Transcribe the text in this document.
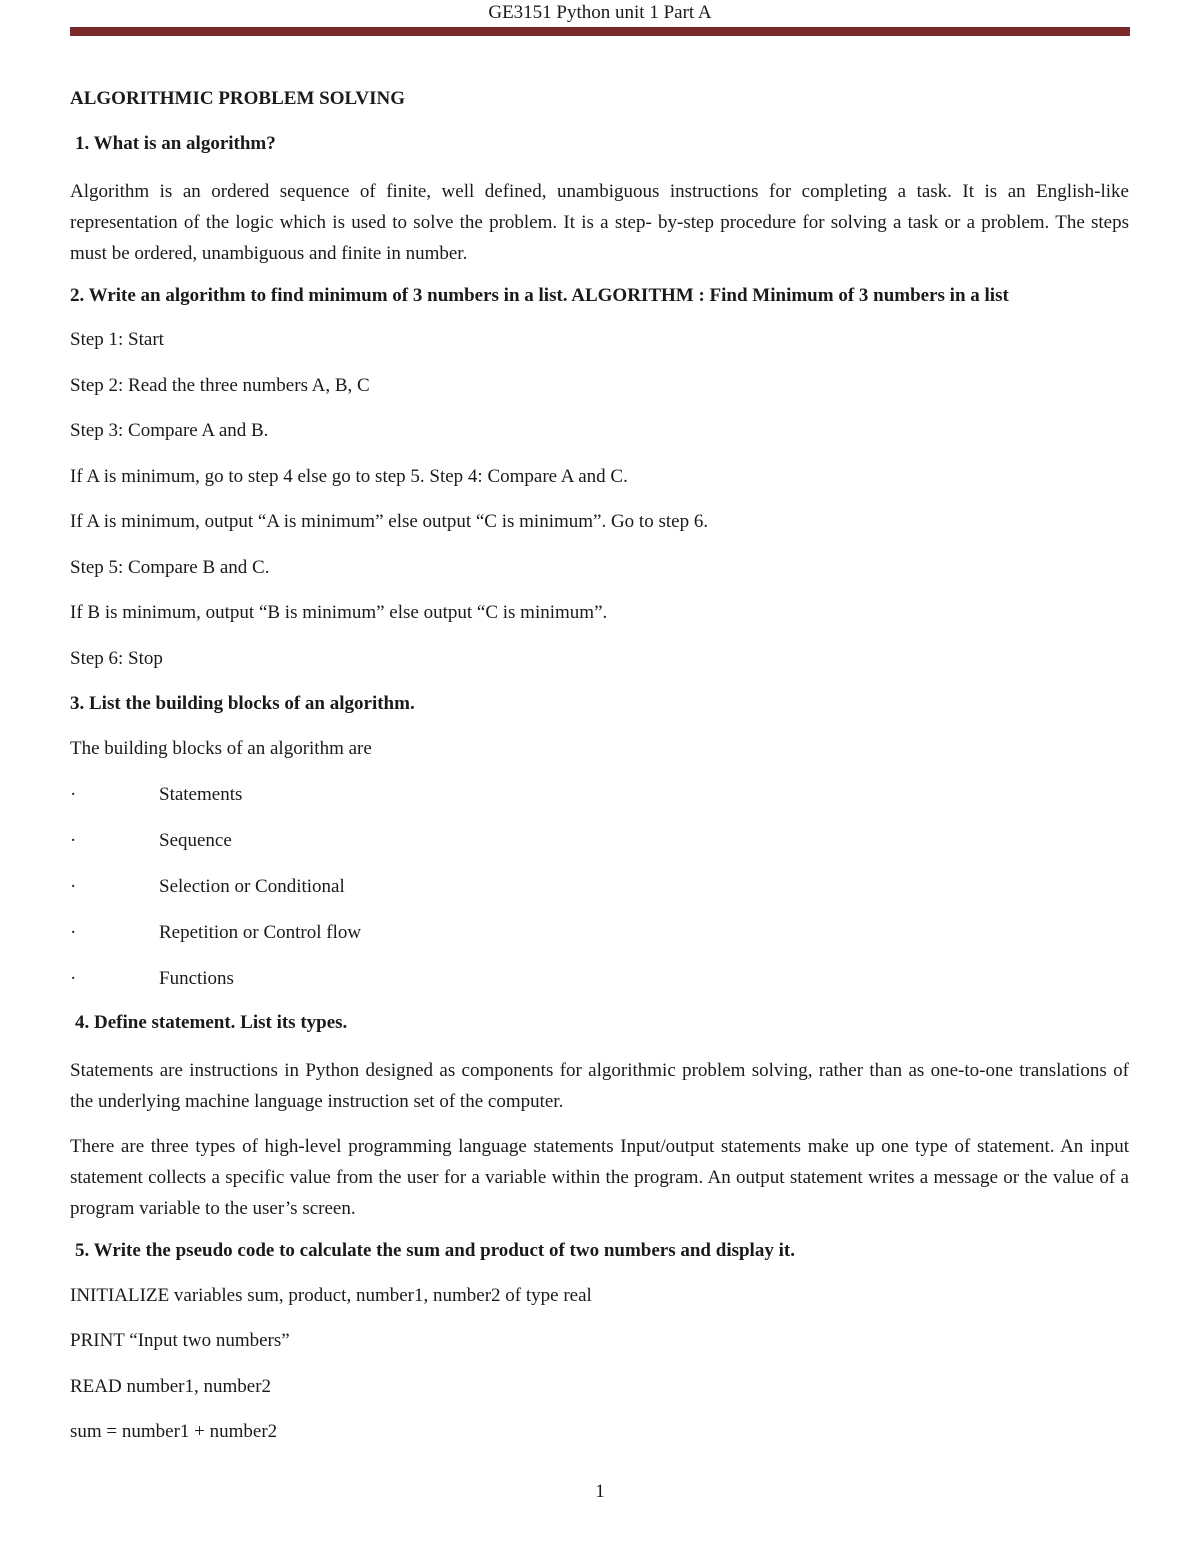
GE3151 Python unit 1 Part A
ALGORITHMIC PROBLEM SOLVING
1. What is an algorithm?
Algorithm is an ordered sequence of finite, well defined, unambiguous instructions for completing a task. It is an English-like representation of the logic which is used to solve the problem. It is a step- by-step procedure for solving a task or a problem. The steps must be ordered, unambiguous and finite in number.
2. Write an algorithm to find minimum of 3 numbers in a list. ALGORITHM : Find Minimum of 3 numbers in a list
Step 1: Start
Step 2: Read the three numbers A, B, C
Step 3: Compare A and B.
If A is minimum, go to step 4 else go to step 5. Step 4: Compare A and C.
If A is minimum, output “A is minimum” else output “C is minimum”. Go to step 6.
Step 5: Compare B and C.
If B is minimum, output “B is minimum” else output “C is minimum”.
Step 6: Stop
3. List the building blocks of an algorithm.
The building blocks of an algorithm are
·	Statements
·	Sequence
·	Selection or Conditional
·	Repetition or Control flow
·	Functions
4. Define statement. List its types.
Statements are instructions in Python designed as components for algorithmic problem solving, rather than as one-to-one translations of the underlying machine language instruction set of the computer.
There are three types of high-level programming language statements Input/output statements make up one type of statement. An input statement collects a specific value from the user for a variable within the program. An output statement writes a message or the value of a program variable to the user’s screen.
5. Write the pseudo code to calculate the sum and product of two numbers and display it.
INITIALIZE variables sum, product, number1, number2 of type real
PRINT “Input two numbers”
READ number1, number2
sum = number1 + number2
1
